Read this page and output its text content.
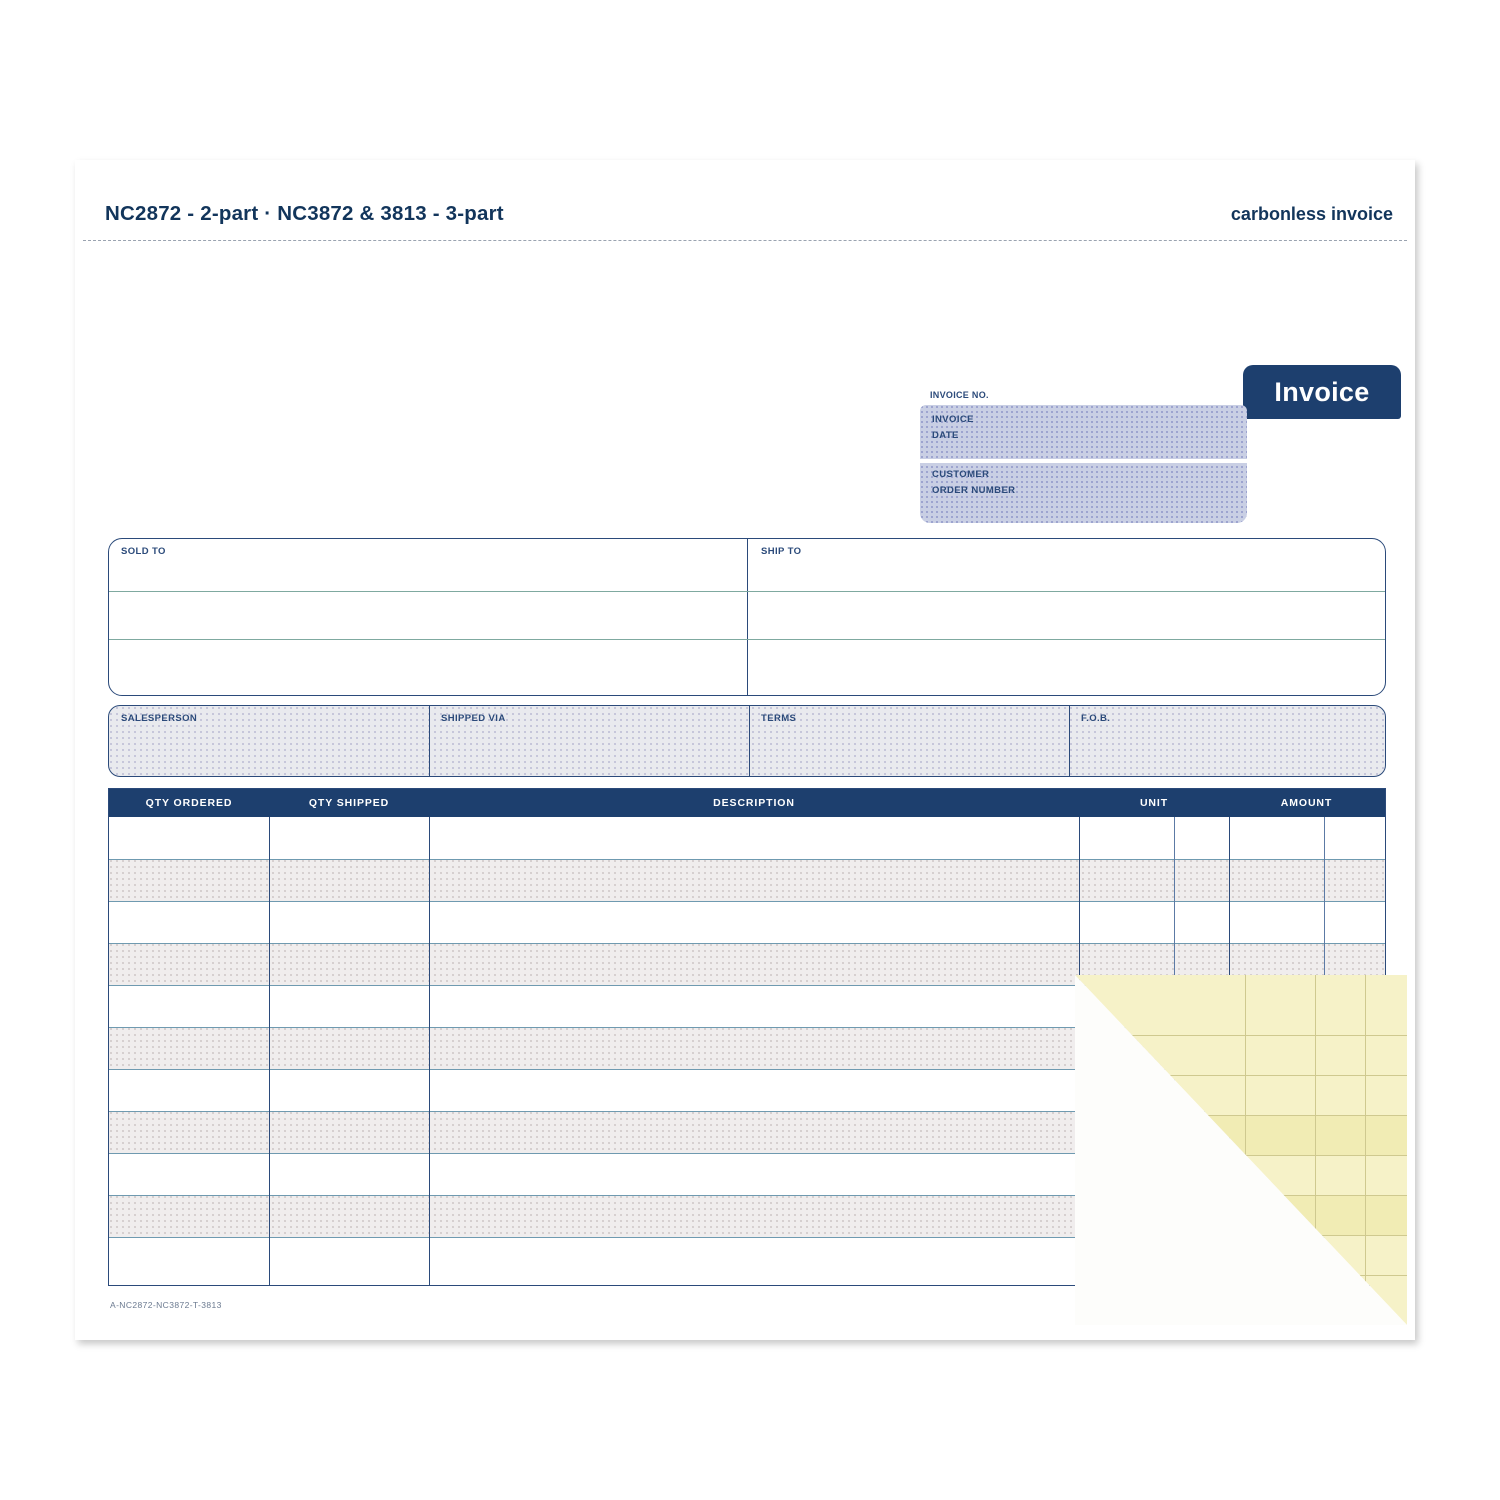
NC2872 - 2-part · NC3872 & 3813 - 3-part	carbonless invoice
Invoice
INVOICE NO.
INVOICE
DATE
CUSTOMER
ORDER NUMBER
SOLD TO	SHIP TO
SALESPERSON	SHIPPED VIA	TERMS	F.O.B.
QTY ORDERED	QTY SHIPPED	DESCRIPTION	UNIT	AMOUNT
A-NC2872-NC3872-T-3813
